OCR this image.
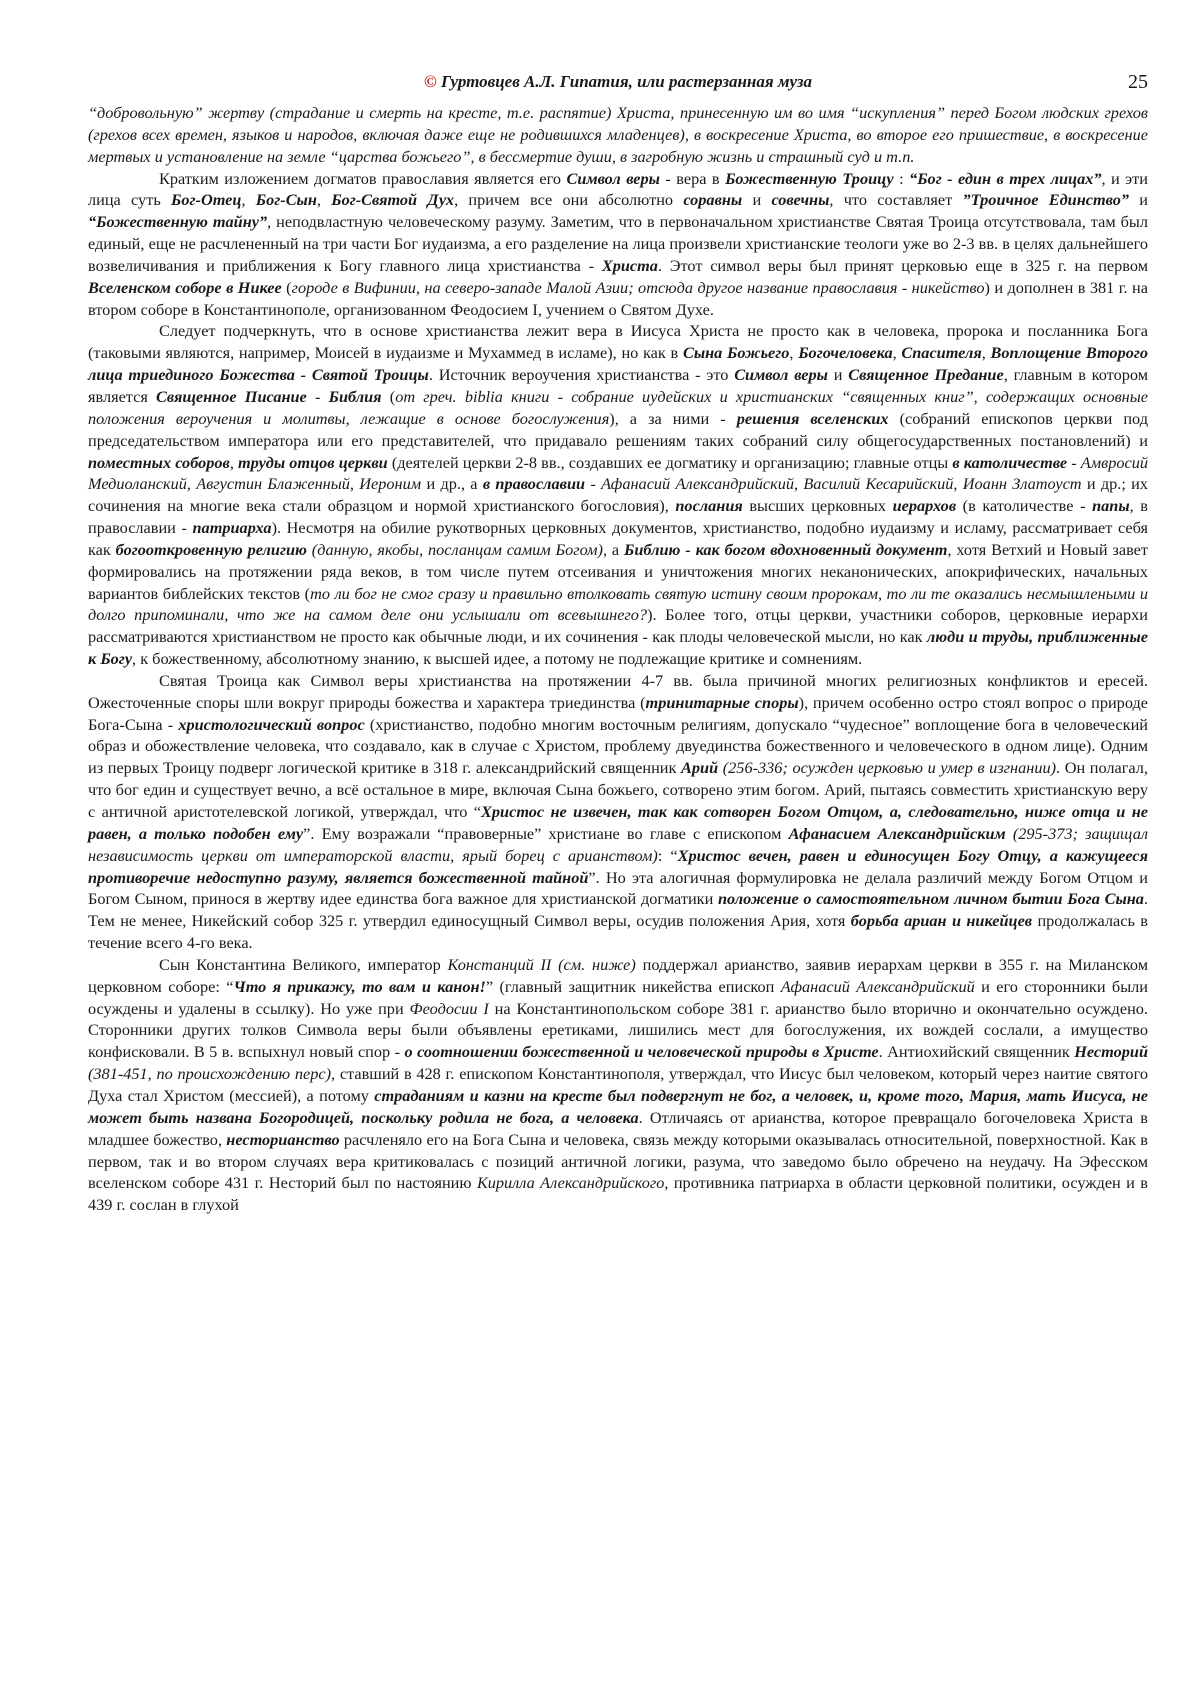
© Гуртовцев А.Л. Гипатия, или растерзанная муза	25

“добровольную” жертву (страдание и смерть на кресте, т.е. распятие) Христа, принесенную им во имя “искупления” перед Богом людских грехов (грехов всех времен, языков и народов, включая даже еще не родившихся младенцев), в воскресение Христа, во второе его пришествие, в воскресение мертвых и установление на земле “царства божьего”, в бессмертие души, в загробную жизнь и страшный суд и т.п.

Кратким изложением догматов православия является его Символ веры - вера в Божественную Троицу : “Бог - един в трех лицах”, и эти лица суть Бог-Отец, Бог-Сын, Бог-Святой Дух, причем все они абсолютно соравны и совечны, что составляет ”Троичное Единство” и “Божественную тайну”, неподвластную человеческому разуму. Заметим, что в первоначальном христианстве Святая Троица отсутствовала, там был единый, еще не расчлененный на три части Бог иудаизма, а его разделение на лица произвели христианские теологи уже во 2-3 вв. в целях дальнейшего возвеличивания и приближения к Богу главного лица христианства - Христа. Этот символ веры был принят церковью еще в 325 г. на первом Вселенском соборе в Никее (городе в Вифинии, на северо-западе Малой Азии; отсюда другое название православия - никейство) и дополнен в 381 г. на втором соборе в Константинополе, организованном Феодосием I, учением о Святом Духе.

Следует подчеркнуть, что в основе христианства лежит вера в Иисуса Христа не просто как в человека, пророка и посланника Бога (таковыми являются, например, Моисей в иудаизме и Мухаммед в исламе), но как в Сына Божьего, Богочеловека, Спасителя, Воплощение Второго лица триединого Божества - Святой Троицы. Источник вероучения христианства - это Символ веры и Священное Предание, главным в котором является Священное Писание - Библия (от греч. biblia книги - собрание иудейских и христианских “священных книг”, содержащих основные положения вероучения и молитвы, лежащие в основе богослужения), а за ними - решения вселенских (собраний епископов церкви под председательством императора или его представителей, что придавало решениям таких собраний силу общегосударственных постановлений) и поместных соборов, труды отцов церкви (деятелей церкви 2-8 вв., создавших ее догматику и организацию; главные отцы в католичестве - Амвросий Медиоланский, Августин Блаженный, Иероним и др., а в православии - Афанасий Александрийский, Василий Кесарийский, Иоанн Златоуст и др.; их сочинения на многие века стали образцом и нормой христианского богословия), послания высших церковных иерархов (в католичестве - папы, в православии - патриарха). Несмотря на обилие рукотворных церковных документов, христианство, подобно иудаизму и исламу, рассматривает себя как богооткровенную религию (данную, якобы, посланцам самим Богом), а Библию - как богом вдохновенный документ, хотя Ветхий и Новый завет формировались на протяжении ряда веков, в том числе путем отсеивания и уничтожения многих неканонических, апокрифических, начальных вариантов библейских текстов (то ли бог не смог сразу и правильно втолковать святую истину своим пророкам, то ли те оказались несмышлеными и долго припоминали, что же на самом деле они услышали от всевышнего?). Более того, отцы церкви, участники соборов, церковные иерархи рассматриваются христианством не просто как обычные люди, и их сочинения - как плоды человеческой мысли, но как люди и труды, приближенные к Богу, к божественному, абсолютному знанию, к высшей идее, а потому не подлежащие критике и сомнениям.

Святая Троица как Символ веры христианства на протяжении 4-7 вв. была причиной многих религиозных конфликтов и ересей. Ожесточенные споры шли вокруг природы божества и характера триединства (тринитарные споры), причем особенно остро стоял вопрос о природе Бога-Сына - христологический вопрос (христианство, подобно многим восточным религиям, допускало “чудесное” воплощение бога в человеческий образ и обожествление человека, что создавало, как в случае с Христом, проблему двуединства божественного и человеческого в одном лице). Одним из первых Троицу подверг логической критике в 318 г. александрийский священник Арий (256-336; осужден церковью и умер в изгнании). Он полагал, что бог един и существует вечно, а всё остальное в мире, включая Сына божьего, сотворено этим богом. Арий, пытаясь совместить христианскую веру с античной аристотелевской логикой, утверждал, что “Христос не извечен, так как сотворен Богом Отцом, а, следовательно, ниже отца и не равен, а только подобен ему”. Ему возражали “правоверные” христиане во главе с епископом Афанасием Александрийским (295-373; защищал независимость церкви от императорской власти, ярый борец с арианством): “Христос вечен, равен и единосущен Богу Отцу, а кажущееся противоречие недоступно разуму, является божественной тайной”. Но эта алогичная формулировка не делала различий между Богом Отцом и Богом Сыном, принося в жертву идее единства бога важное для христианской догматики положение о самостоятельном личном бытии Бога Сына. Тем не менее, Никейский собор 325 г. утвердил единосущный Символ веры, осудив положения Ария, хотя борьба ариан и никейцев продолжалась в течение всего 4-го века.

Сын Константина Великого, император Констанций II (см. ниже) поддержал арианство, заявив иерархам церкви в 355 г. на Миланском церковном соборе: “Что я прикажу, то вам и канон!” (главный защитник никейства епископ Афанасий Александрийский и его сторонники были осуждены и удалены в ссылку). Но уже при Феодосии I на Константинопольском соборе 381 г. арианство было вторично и окончательно осуждено. Сторонники других толков Символа веры были объявлены еретиками, лишились мест для богослужения, их вождей сослали, а имущество конфисковали. В 5 в. вспыхнул новый спор - о соотношении божественной и человеческой природы в Христе. Антиохийский священник Несторий (381-451, по происхождению перс), ставший в 428 г. епископом Константинополя, утверждал, что Иисус был человеком, который через наитие святого Духа стал Христом (мессией), а потому страданиям и казни на кресте был подвергнут не бог, а человек, и, кроме того, Мария, мать Иисуса, не может быть названа Богородицей, поскольку родила не бога, а человека. Отличаясь от арианства, которое превращало богочеловека Христа в младшее божество, несторианство расчленяло его на Бога Сына и человека, связь между которыми оказывалась относительной, поверхностной. Как в первом, так и во втором случаях вера критиковалась с позиций античной логики, разума, что заведомо было обречено на неудачу. На Эфесском вселенском соборе 431 г. Несторий был по настоянию Кирилла Александрийского, противника патриарха в области церковной политики, осужден и в 439 г. сослан в глухой
